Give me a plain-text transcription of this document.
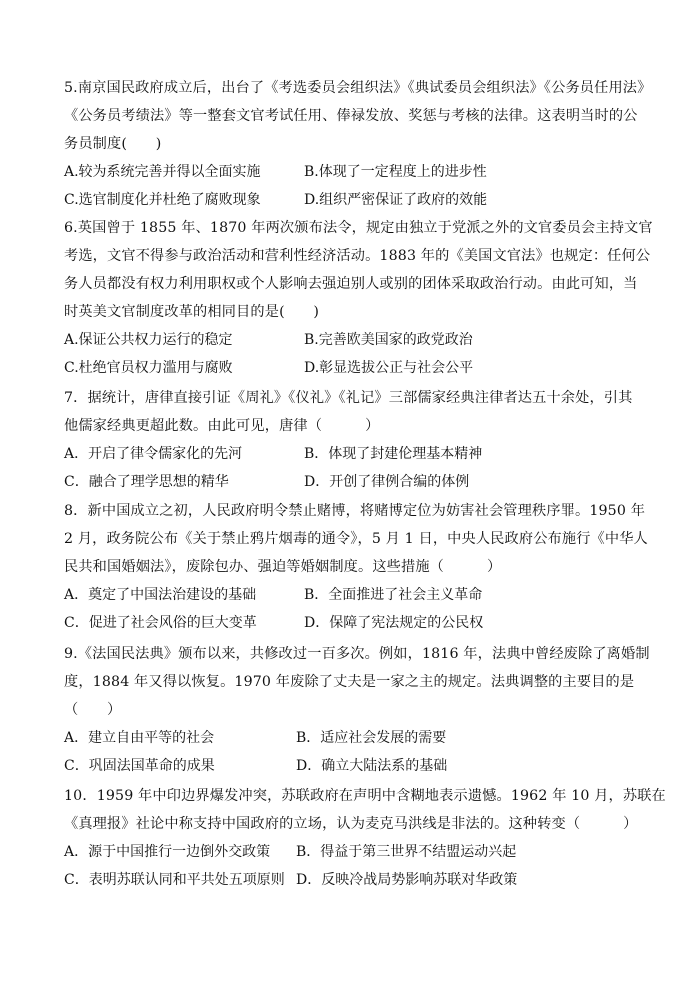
5.南京国民政府成立后，出台了《考选委员会组织法》《典试委员会组织法》《公务员任用法》
《公务员考绩法》等一整套文官考试任用、俸禄发放、奖惩与考核的法律。这表明当时的公
务员制度(　　)
A.较为系统完善并得以全面实施	B.体现了一定程度上的进步性
C.选官制度化并杜绝了腐败现象	D.组织严密保证了政府的效能
6.英国曾于 1855 年、1870 年两次颁布法令，规定由独立于党派之外的文官委员会主持文官
考选，文官不得参与政治活动和营利性经济活动。1883 年的《美国文官法》也规定：任何公
务人员都没有权力利用职权或个人影响去强迫别人或别的团体采取政治行动。由此可知，当
时英美文官制度改革的相同目的是(　　)
A.保证公共权力运行的稳定	B.完善欧美国家的政党政治
C.杜绝官员权力滥用与腐败	D.彰显选拔公正与社会公平
7．据统计，唐律直接引证《周礼》《仪礼》《礼记》三部儒家经典注律者达五十余处，引其
他儒家经典更超此数。由此可见，唐律（　　　）
A．开启了律令儒家化的先河	B．体现了封建伦理基本精神
C．融合了理学思想的精华	D．开创了律例合编的体例
8．新中国成立之初，人民政府明令禁止赌博，将赌博定位为妨害社会管理秩序罪。1950 年
2 月，政务院公布《关于禁止鸦片烟毒的通令》，5 月 1 日，中央人民政府公布施行《中华人
民共和国婚姻法》，废除包办、强迫等婚姻制度。这些措施（　　　）
A．奠定了中国法治建设的基础	B．全面推进了社会主义革命
C．促进了社会风俗的巨大变革	D．保障了宪法规定的公民权
9.《法国民法典》颁布以来，共修改过一百多次。例如，1816 年，法典中曾经废除了离婚制
度，1884 年又得以恢复。1970 年废除了丈夫是一家之主的规定。法典调整的主要目的是
（　　）
A．建立自由平等的社会	B．适应社会发展的需要
C．巩固法国革命的成果	D．确立大陆法系的基础
10．1959 年中印边界爆发冲突，苏联政府在声明中含糊地表示遗憾。1962 年 10 月，苏联在
《真理报》社论中称支持中国政府的立场，认为麦克马洪线是非法的。这种转变（　　　）
A．源于中国推行一边倒外交政策 B．得益于第三世界不结盟运动兴起
C．表明苏联认同和平共处五项原则 D．反映冷战局势影响苏联对华政策
